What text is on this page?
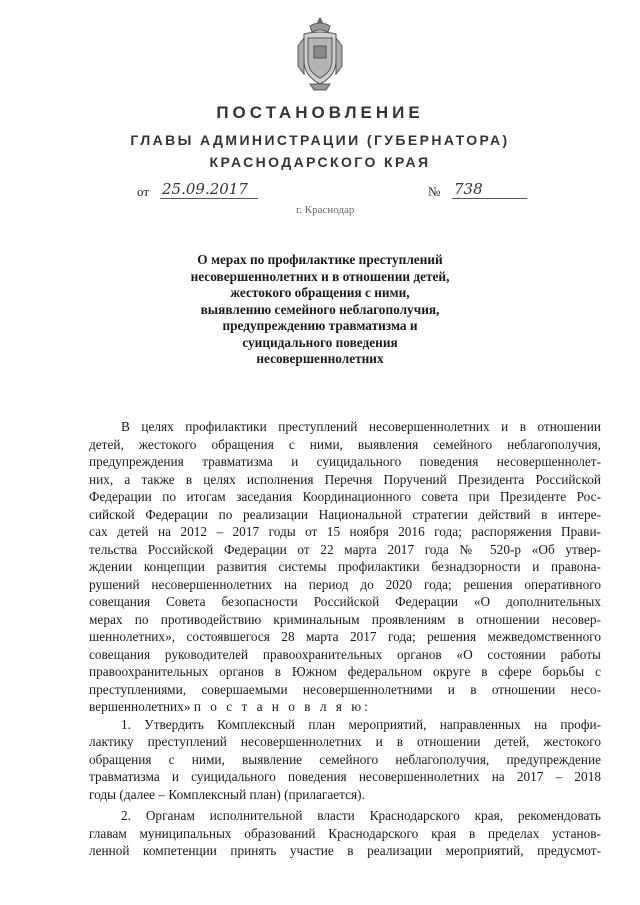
ПОСТАНОВЛЕНИЕ
ГЛАВЫ АДМИНИСТРАЦИИ (ГУБЕРНАТОРА)
КРАСНОДАРСКОГО КРАЯ
от 25.09.2017	№ 738
г. Краснодар
О мерах по профилактике преступлений
несовершеннолетних и в отношении детей,
жестокого обращения с ними,
выявлению семейного неблагополучия,
предупреждению травматизма и
суицидального поведения
несовершеннолетних
В целях профилактики преступлений несовершеннолетних и в отношении
детей, жестокого обращения с ними, выявления семейного неблагополучия,
предупреждения травматизма и суицидального поведения несовершеннолет-
них, а также в целях исполнения Перечня Поручений Президента Российской
Федерации по итогам заседания Координационного совета при Президенте Рос-
сийской Федерации по реализации Национальной стратегии действий в интере-
сах детей на 2012 – 2017 годы от 15 ноября 2016 года; распоряжения Прави-
тельства Российской Федерации от 22 марта 2017 года № 520-р «Об утвер-
ждении концепции развития системы профилактики безнадзорности и правона-
рушений несовершеннолетних на период до 2020 года; решения оперативного
совещания Совета безопасности Российской Федерации «О дополнительных
мерах по противодействию криминальным проявлениям в отношении несовер-
шеннолетних», состоявшегося 28 марта 2017 года; решения межведомственного
совещания руководителей правоохранительных органов «О состоянии работы
правоохранительных органов в Южном федеральном округе в сфере борьбы с
преступлениями, совершаемыми несовершеннолетними и в отношении несо-
вершеннолетних» п о с т а н о в л я ю:
1. Утвердить Комплексный план мероприятий, направленных на профи-
лактику преступлений несовершеннолетних и в отношении детей, жестокого
обращения с ними, выявление семейного неблагополучия, предупреждение
травматизма и суицидального поведения несовершеннолетних на 2017 – 2018
годы (далее – Комплексный план) (прилагается).
2. Органам исполнительной власти Краснодарского края, рекомендовать
главам муниципальных образований Краснодарского края в пределах установ-
ленной компетенции принять участие в реализации мероприятий, предусмот-
